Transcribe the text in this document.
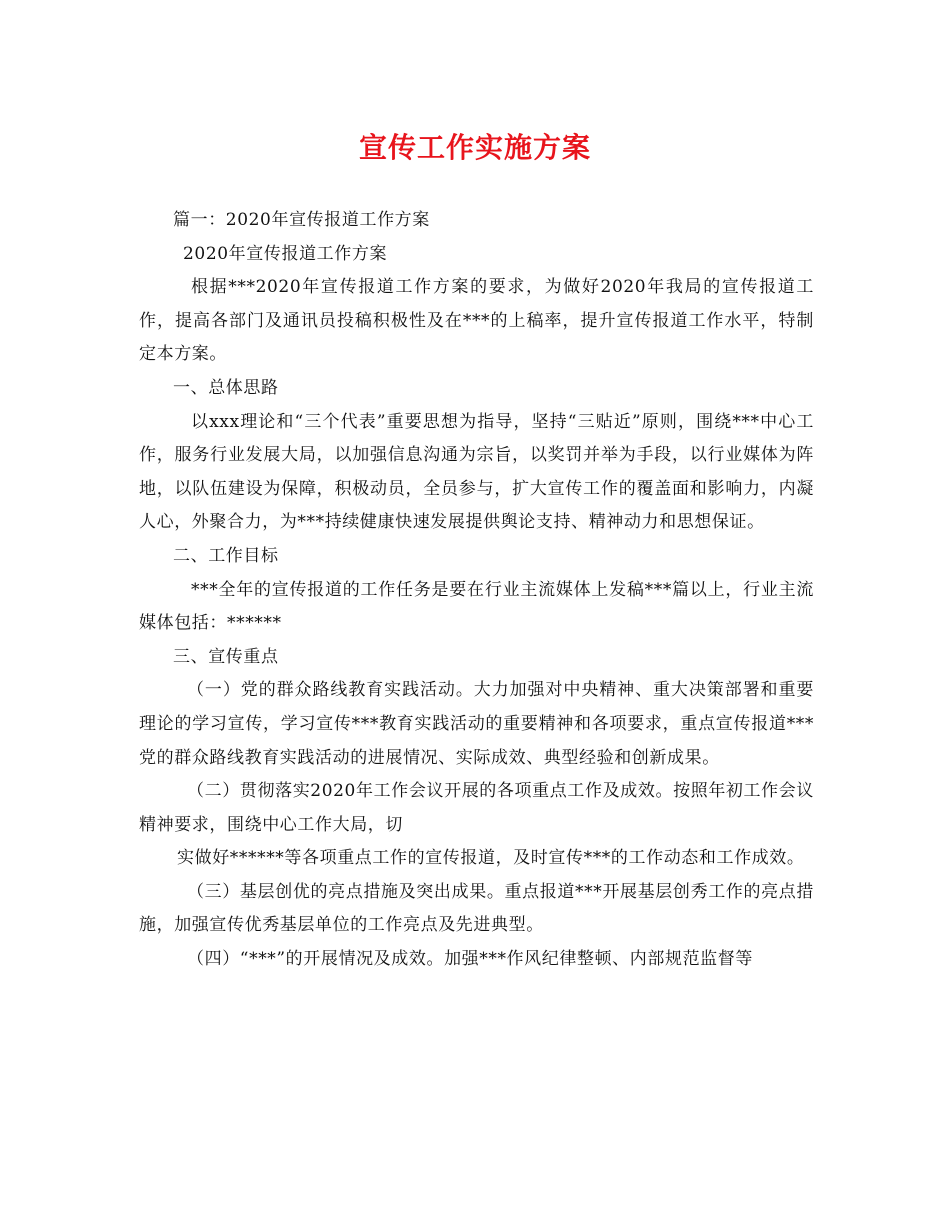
宣传工作实施方案

篇一：2020年宣传报道工作方案

2020年宣传报道工作方案

根据***2020年宣传报道工作方案的要求，为做好2020年我局的宣传报道工作，提高各部门及通讯员投稿积极性及在***的上稿率，提升宣传报道工作水平，特制定本方案。

一、总体思路

以xxx理论和“三个代表”重要思想为指导，坚持“三贴近”原则，围绕***中心工作，服务行业发展大局，以加强信息沟通为宗旨，以奖罚并举为手段，以行业媒体为阵地，以队伍建设为保障，积极动员，全员参与，扩大宣传工作的覆盖面和影响力，内凝人心，外聚合力，为***持续健康快速发展提供舆论支持、精神动力和思想保证。

二、工作目标

***全年的宣传报道的工作任务是要在行业主流媒体上发稿***篇以上，行业主流媒体包括：******

三、宣传重点

（一）党的群众路线教育实践活动。大力加强对中央精神、重大决策部署和重要理论的学习宣传，学习宣传***教育实践活动的重要精神和各项要求，重点宣传报道***党的群众路线教育实践活动的进展情况、实际成效、典型经验和创新成果。

（二）贯彻落实2020年工作会议开展的各项重点工作及成效。按照年初工作会议精神要求，围绕中心工作大局，切

实做好******等各项重点工作的宣传报道，及时宣传***的工作动态和工作成效。

（三）基层创优的亮点措施及突出成果。重点报道***开展基层创秀工作的亮点措施，加强宣传优秀基层单位的工作亮点及先进典型。

（四）“***”的开展情况及成效。加强***作风纪律整顿、内部规范监督等
